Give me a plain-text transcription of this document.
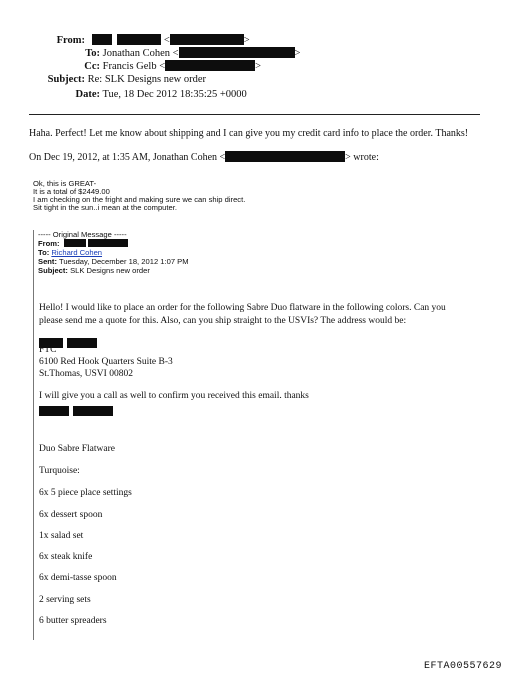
From:	<	>
To: Jonathan Cohen <	>
Cc: Francis Gelb <	>
Subject: Re: SLK Designs new order
Date: Tue, 18 Dec 2012 18:35:25 +0000
Haha. Perfect! Let me know about shipping and I can give you my credit card info to place the order. Thanks!
On Dec 19, 2012, at 1:35 AM, Jonathan Cohen <	> wrote:
Ok, this is GREAT-
It is a total of $2449.00
I am checking on the fright and making sure we can ship direct.
Sit tight in the sun..i mean at the computer.
----- Original Message -----
From:
To: Richard Cohen
Sent: Tuesday, December 18, 2012 1:07 PM
Subject: SLK Designs new order
Hello! I would like to place an order for the following Sabre Duo flatware in the following colors. Can you
please send me a quote for this. Also, can you ship straight to the USVIs? The address would be:

FTC
6100 Red Hook Quarters Suite B-3
St.Thomas, USVI 00802
I will give you a call as well to confirm you received this email. thanks

Duo Sabre Flatware
Turquoise:
6x 5 piece place settings
6x dessert spoon
1x salad set
6x steak knife
6x demi-tasse spoon
2 serving sets
6 butter spreaders
EFTA00557629
